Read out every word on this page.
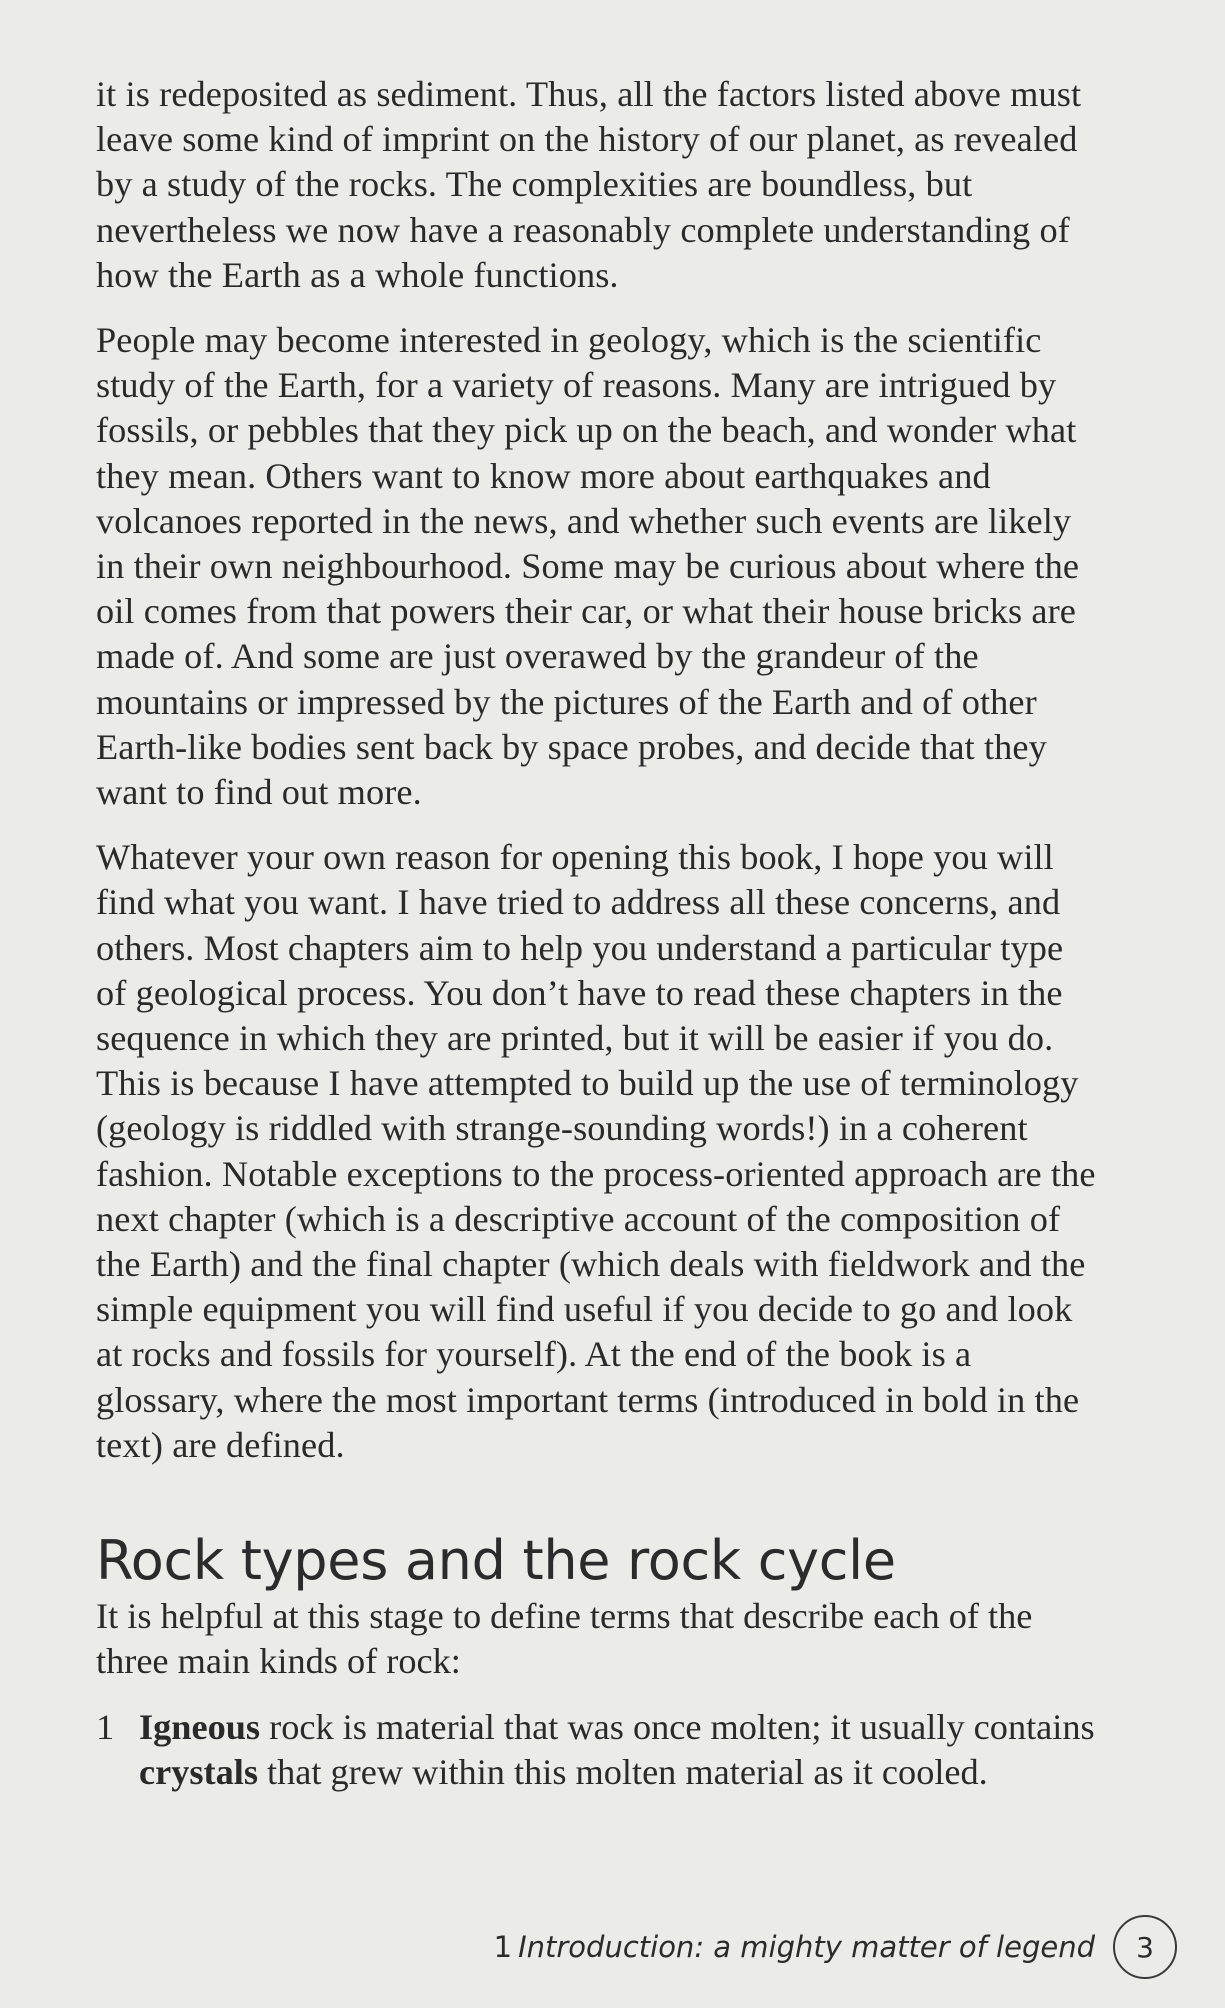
it is redeposited as sediment. Thus, all the factors listed above must leave some kind of imprint on the history of our planet, as revealed by a study of the rocks. The complexities are boundless, but nevertheless we now have a reasonably complete understanding of how the Earth as a whole functions.

People may become interested in geology, which is the scientific study of the Earth, for a variety of reasons. Many are intrigued by fossils, or pebbles that they pick up on the beach, and wonder what they mean. Others want to know more about earthquakes and volcanoes reported in the news, and whether such events are likely in their own neighbourhood. Some may be curious about where the oil comes from that powers their car, or what their house bricks are made of. And some are just overawed by the grandeur of the mountains or impressed by the pictures of the Earth and of other Earth-like bodies sent back by space probes, and decide that they want to find out more.

Whatever your own reason for opening this book, I hope you will find what you want. I have tried to address all these concerns, and others. Most chapters aim to help you understand a particular type of geological process. You don’t have to read these chapters in the sequence in which they are printed, but it will be easier if you do. This is because I have attempted to build up the use of terminology (geology is riddled with strange-sounding words!) in a coherent fashion. Notable exceptions to the process-oriented approach are the next chapter (which is a descriptive account of the composition of the Earth) and the final chapter (which deals with fieldwork and the simple equipment you will find useful if you decide to go and look at rocks and fossils for yourself). At the end of the book is a glossary, where the most important terms (introduced in bold in the text) are defined.

Rock types and the rock cycle

It is helpful at this stage to define terms that describe each of the three main kinds of rock:

1 Igneous rock is material that was once molten; it usually contains crystals that grew within this molten material as it cooled.
1 Introduction: a mighty matter of legend	3
